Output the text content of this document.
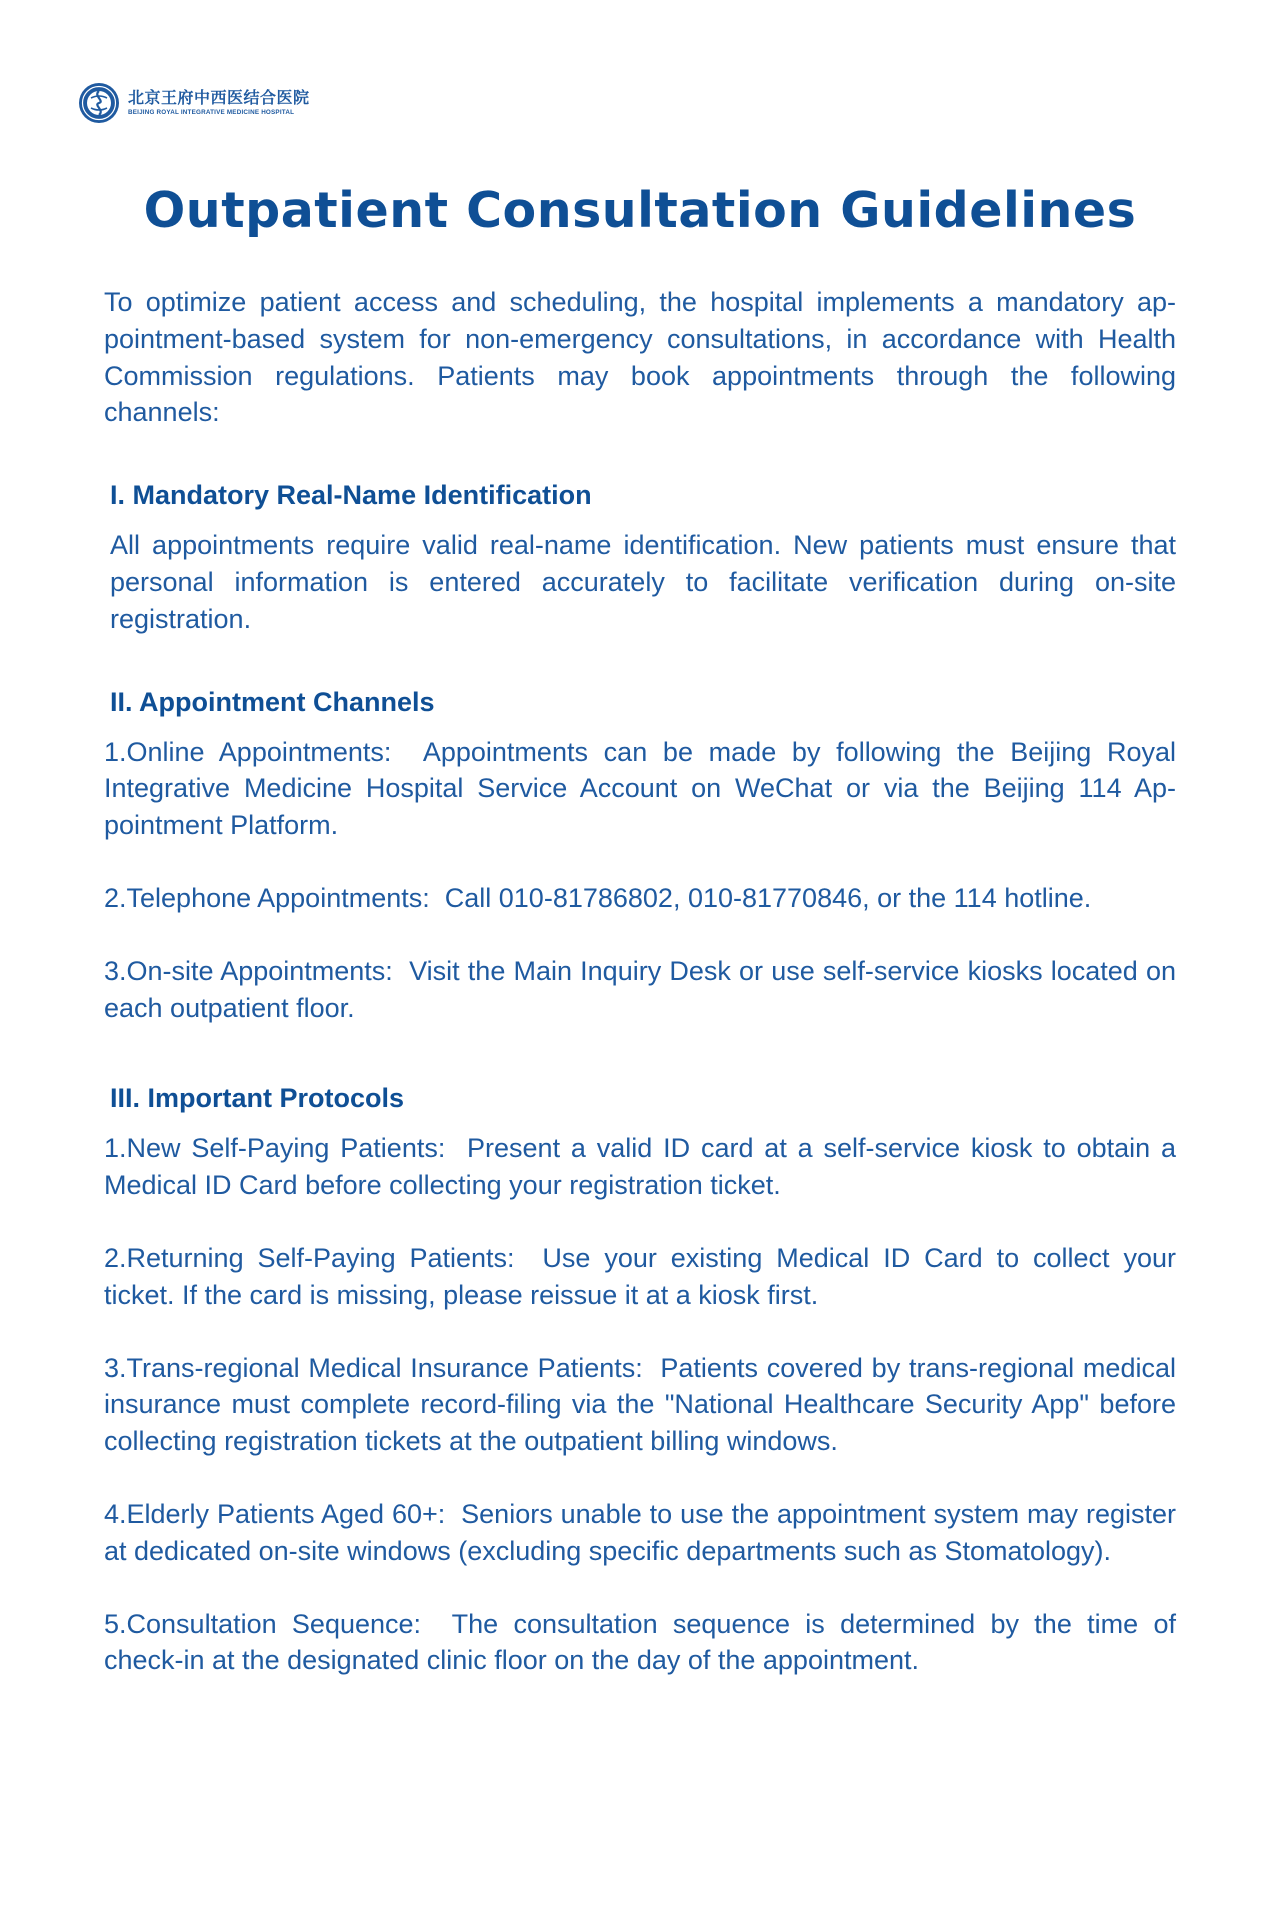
北京王府中西医结合医院
BEIJING ROYAL INTEGRATIVE MEDICINE HOSPITAL
Outpatient Consultation Guidelines

To optimize patient access and scheduling, the hospital implements a mandatory appointment-based system for non-emergency consultations, in accordance with Health Commission regulations. Patients may book appointments through the following channels:

I. Mandatory Real-Name Identification

All appointments require valid real-name identification. New patients must ensure that personal information is entered accurately to facilitate verification during on-site registration.

II. Appointment Channels

1.Online Appointments: Appointments can be made by following the Beijing Royal Integrative Medicine Hospital Service Account on WeChat or via the Beijing 114 Appointment Platform.

2.Telephone Appointments: Call 010-81786802, 010-81770846, or the 114 hotline.

3.On-site Appointments: Visit the Main Inquiry Desk or use self-service kiosks located on each outpatient floor.

III. Important Protocols

1.New Self-Paying Patients: Present a valid ID card at a self-service kiosk to obtain a Medical ID Card before collecting your registration ticket.

2.Returning Self-Paying Patients: Use your existing Medical ID Card to collect your ticket. If the card is missing, please reissue it at a kiosk first.

3.Trans-regional Medical Insurance Patients: Patients covered by trans-regional medical insurance must complete record-filing via the "National Healthcare Security App" before collecting registration tickets at the outpatient billing windows.

4.Elderly Patients Aged 60+: Seniors unable to use the appointment system may register at dedicated on-site windows (excluding specific departments such as Stomatology).

5.Consultation Sequence: The consultation sequence is determined by the time of check-in at the designated clinic floor on the day of the appointment.
